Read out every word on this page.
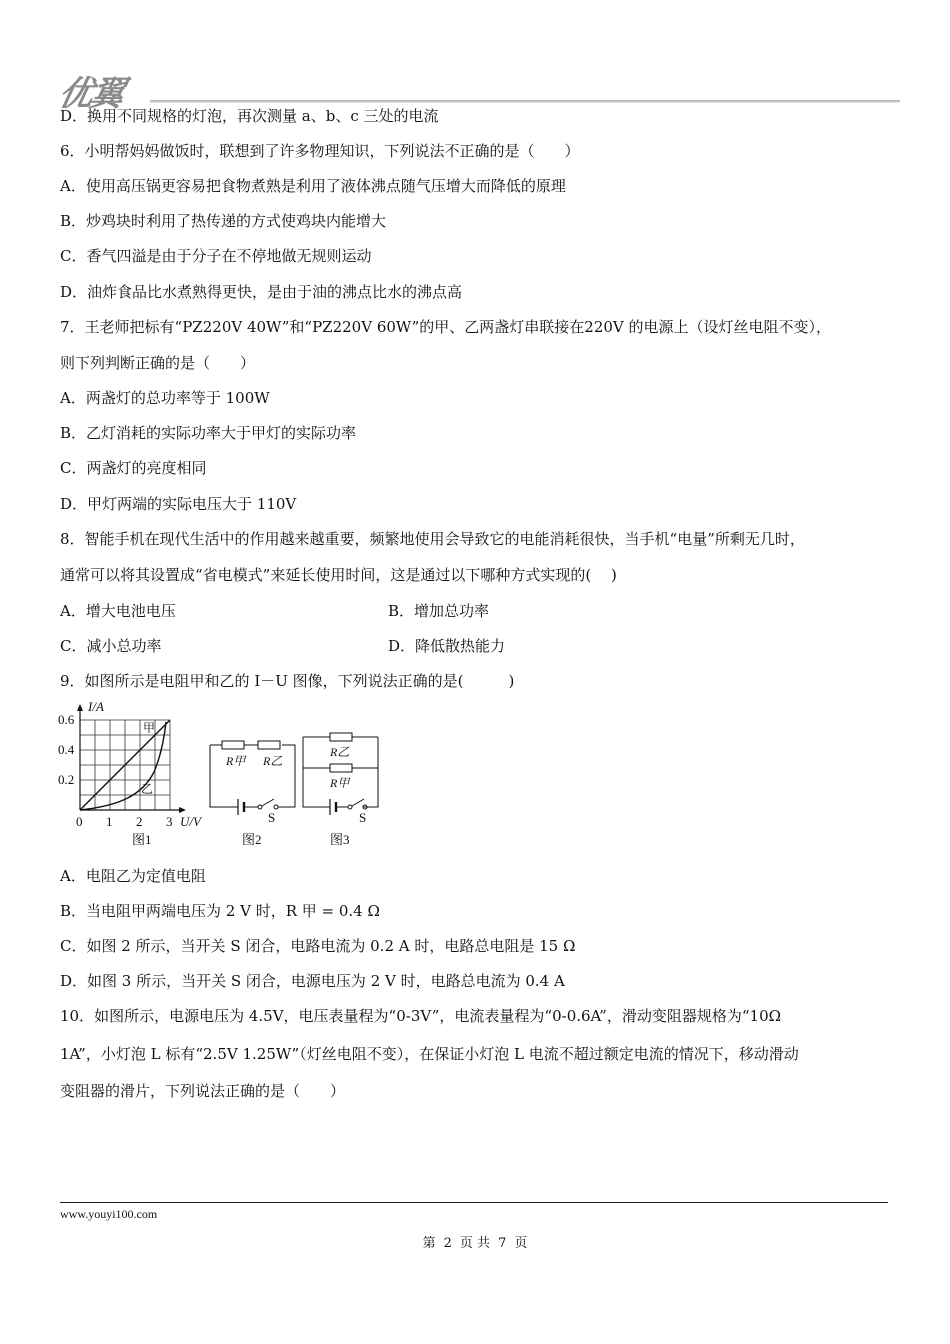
优翼
D．换用不同规格的灯泡，再次测量 a、b、c 三处的电流
6．小明帮妈妈做饭时，联想到了许多物理知识，下列说法不正确的是（　　）
A．使用高压锅更容易把食物煮熟是利用了液体沸点随气压增大而降低的原理
B．炒鸡块时利用了热传递的方式使鸡块内能增大
C．香气四溢是由于分子在不停地做无规则运动
D．油炸食品比水煮熟得更快，是由于油的沸点比水的沸点高
7．王老师把标有“PZ220V 40W”和“PZ220V 60W”的甲、乙两盏灯串联接在220V 的电源上（设灯丝电阻不变），
则下列判断正确的是（　　）
A．两盏灯的总功率等于 100W
B．乙灯消耗的实际功率大于甲灯的实际功率
C．两盏灯的亮度相同
D．甲灯两端的实际电压大于 110V
8．智能手机在现代生活中的作用越来越重要，频繁地使用会导致它的电能消耗很快，当手机“电量”所剩无几时，
通常可以将其设置成“省电模式”来延长使用时间，这是通过以下哪种方式实现的(　 )
A．增大电池电压	B．增加总功率
C．减小总功率	D．降低散热能力
9．如图所示是电阻甲和乙的 I－U 图像，下列说法正确的是(　　　)
I/A
0.6
0.4
0.2
0 1 2 3 U/V
甲
乙
图1
R甲 R乙
S
图2
R乙
R甲
S
图3
A．电阻乙为定值电阻
B．当电阻甲两端电压为 2 V 时，R 甲 = 0.4 Ω
C．如图 2 所示，当开关 S 闭合，电路电流为 0.2 A 时，电路总电阻是 15 Ω
D．如图 3 所示，当开关 S 闭合，电源电压为 2 V 时，电路总电流为 0.4 A
10．如图所示，电源电压为 4.5V，电压表量程为“0-3V”，电流表量程为“0-0.6A”，滑动变阻器规格为“10Ω
1A”，小灯泡 L 标有“2.5V 1.25W”（灯丝电阻不变），在保证小灯泡 L 电流不超过额定电流的情况下，移动滑动
变阻器的滑片，下列说法正确的是（　　）
www.youyi100.com
第 2 页 共 7 页
